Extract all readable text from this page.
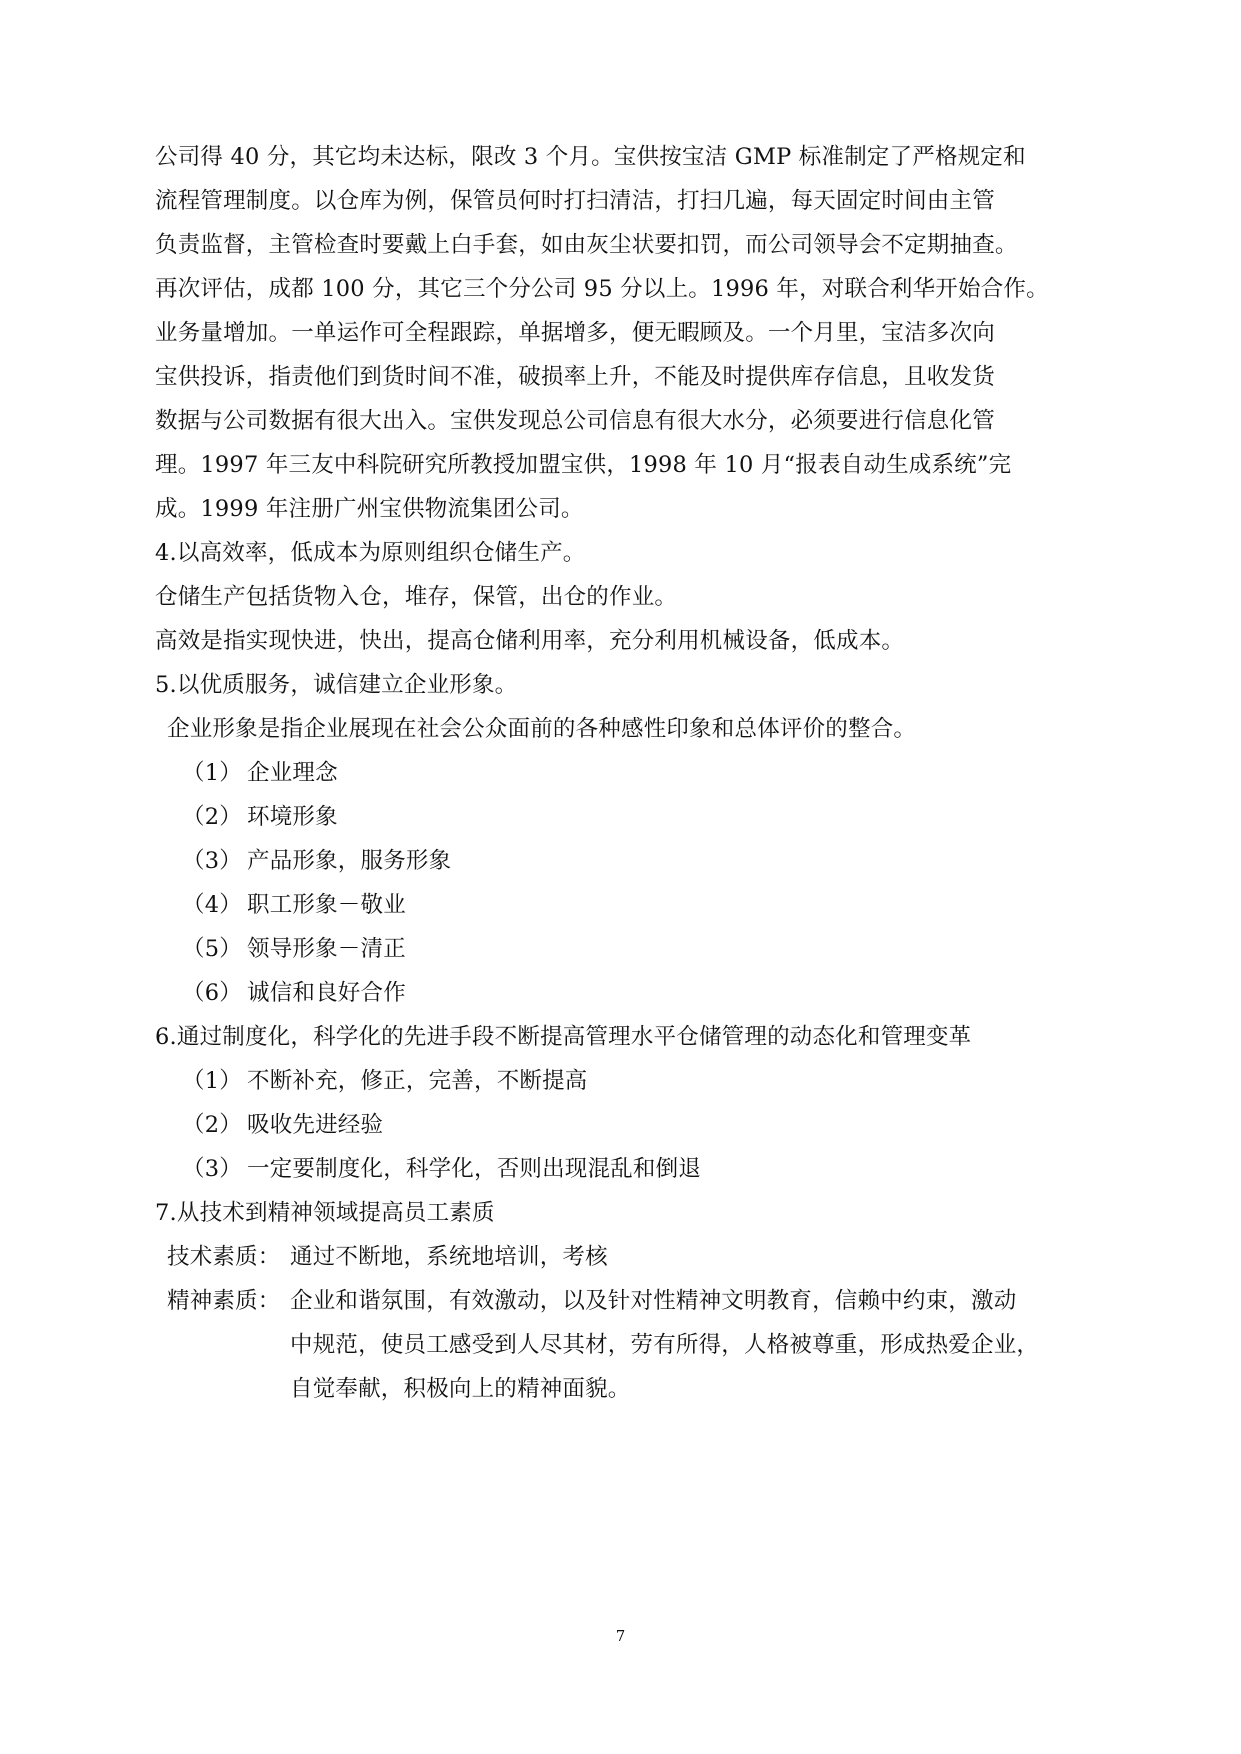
公司得 40 分，其它均未达标，限改 3 个月。宝供按宝洁 GMP 标准制定了严格规定和
流程管理制度。以仓库为例，保管员何时打扫清洁，打扫几遍，每天固定时间由主管
负责监督，主管检查时要戴上白手套，如由灰尘状要扣罚，而公司领导会不定期抽查。
再次评估，成都 100 分，其它三个分公司 95 分以上。1996 年，对联合利华开始合作。
业务量增加。一单运作可全程跟踪，单据增多，便无暇顾及。一个月里，宝洁多次向
宝供投诉，指责他们到货时间不准，破损率上升，不能及时提供库存信息，且收发货
数据与公司数据有很大出入。宝供发现总公司信息有很大水分，必须要进行信息化管
理。1997 年三友中科院研究所教授加盟宝供，1998 年 10 月“报表自动生成系统”完
成。1999 年注册广州宝供物流集团公司。
4.以高效率，低成本为原则组织仓储生产。
仓储生产包括货物入仓，堆存，保管，出仓的作业。
高效是指实现快进，快出，提高仓储利用率，充分利用机械设备，低成本。
5.以优质服务，诚信建立企业形象。
企业形象是指企业展现在社会公众面前的各种感性印象和总体评价的整合。
（1） 企业理念
（2） 环境形象
（3） 产品形象，服务形象
（4） 职工形象－敬业
（5） 领导形象－清正
（6） 诚信和良好合作
6.通过制度化，科学化的先进手段不断提高管理水平仓储管理的动态化和管理变革
（1） 不断补充，修正，完善，不断提高
（2） 吸收先进经验
（3） 一定要制度化，科学化，否则出现混乱和倒退
7.从技术到精神领域提高员工素质
技术素质： 通过不断地，系统地培训，考核
精神素质： 企业和谐氛围，有效激动，以及针对性精神文明教育，信赖中约束，激动
中规范，使员工感受到人尽其材，劳有所得，人格被尊重，形成热爱企业，
自觉奉献，积极向上的精神面貌。
7
